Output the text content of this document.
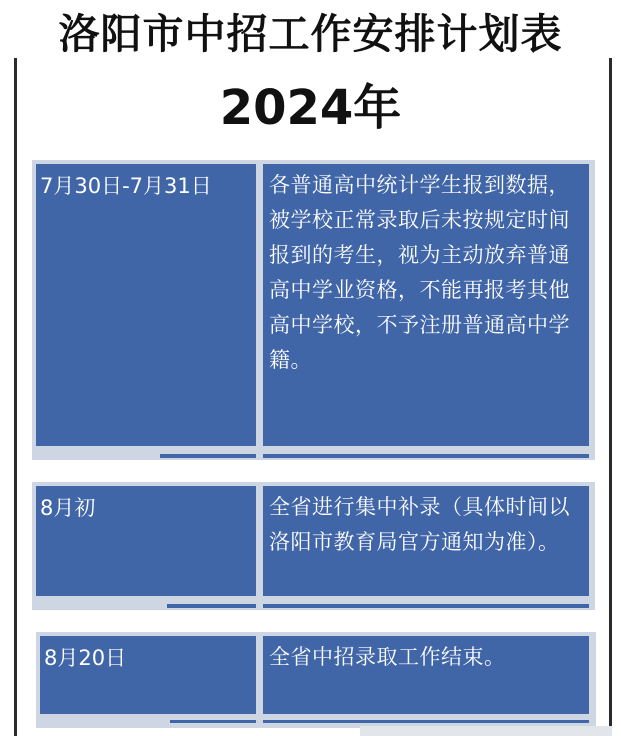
洛阳市中招工作安排计划表
2024年
7月30日-7月31日	各普通高中统计学生报到数据，被学校正常录取后未按规定时间报到的考生，视为主动放弃普通高中学业资格，不能再报考其他高中学校，不予注册普通高中学籍。
8月初	全省进行集中补录（具体时间以洛阳市教育局官方通知为准）。
8月20日	全省中招录取工作结束。
